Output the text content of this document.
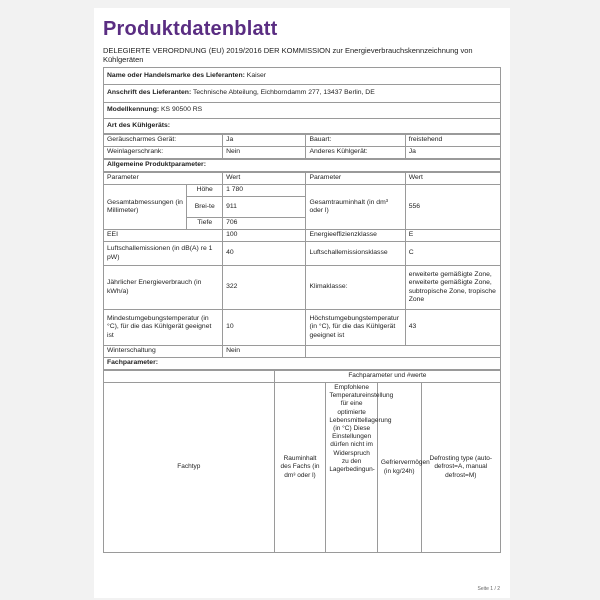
Produktdatenblatt
DELEGIERTE VERORDNUNG (EU) 2019/2016 DER KOMMISSION zur Energieverbrauchskennzeichnung von Kühlgeräten
Name oder Handelsmarke des Lieferanten: Kaiser
Anschrift des Lieferanten: Technische Abteilung, Eichborndamm 277, 13437 Berlin, DE
Modellkennung: KS 90500 RS
Art des Kühlgeräts:
Geräuscharmes Gerät:	Ja	Bauart:	freistehend
Weinlagerschrank:	Nein	Anderes Kühlgerät:	Ja
Allgemeine Produktparameter:
Parameter		Wert	Parameter	Wert
Gesamtabmessungen (in Millimeter)	Höhe	1 780	Gesamtrauminhalt (in dm³ oder l)	556
	Brei-te	911		
	Tiefe	706		
EEI		100	Energieeffizienzklasse	E
Luftschallemissionen (in dB(A) re 1 pW)		40	Luftschallemissionsklasse	C
Jährlicher Energieverbrauch (in kWh/a)		322	Klimaklasse:	erweiterte gemäßigte Zone, erweiterte gemäßigte Zone, subtropische Zone, tropische Zone
Mindestumgebungstemperatur (in °C), für die das Kühlgerät geeignet ist		10	Höchstumgebungstemperatur (in °C), für die das Kühlgerät geeignet ist	43
Winterschaltung		Nein		
Fachparameter:				
	Fachparameter und #werte			
Fachtyp	Rauminhalt des Fachs (in dm³ oder l)	Empfohlene Temperatureinstellung für eine optimierte Lebensmittellagerung (in °C) Diese Einstellungen dürfen nicht im Widerspruch zu den Lagerbedingun-	Gefriervermögen (in kg/24h)	Defrosting type (auto-defrost=A, manual defrost=M)
Seite 1 / 2
